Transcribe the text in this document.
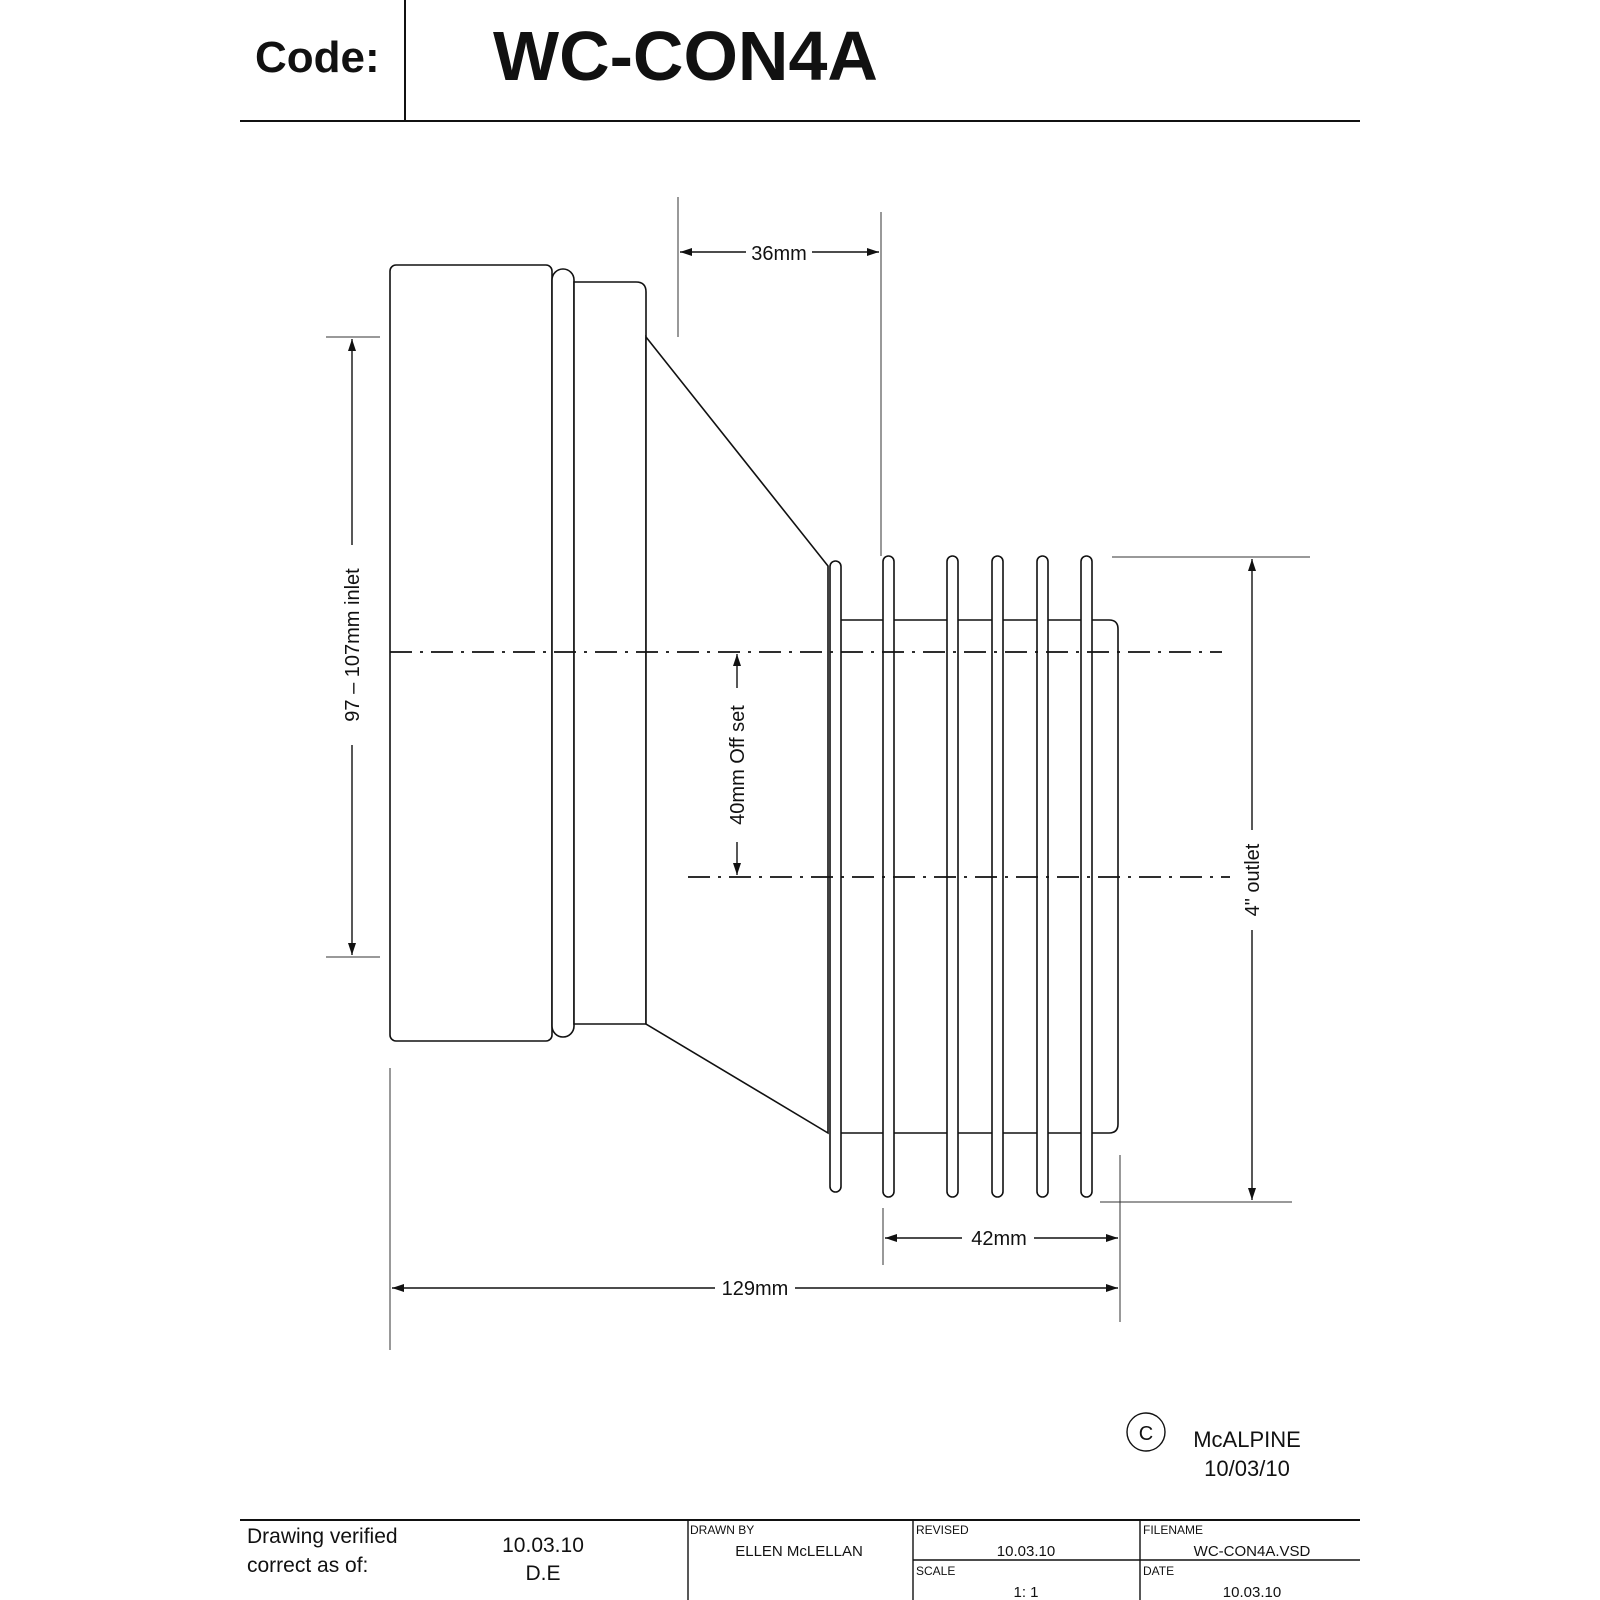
Code: WC-CON4A
36mm
97 – 107mm inlet
40mm Off set
4" outlet
42mm
129mm
C McALPINE
10/03/10
Drawing verified
correct as of:
10.03.10
D.E
DRAWN BY
ELLEN McLELLAN
REVISED
10.03.10
FILENAME
WC-CON4A.VSD
SCALE
1: 1
DATE
10.03.10
